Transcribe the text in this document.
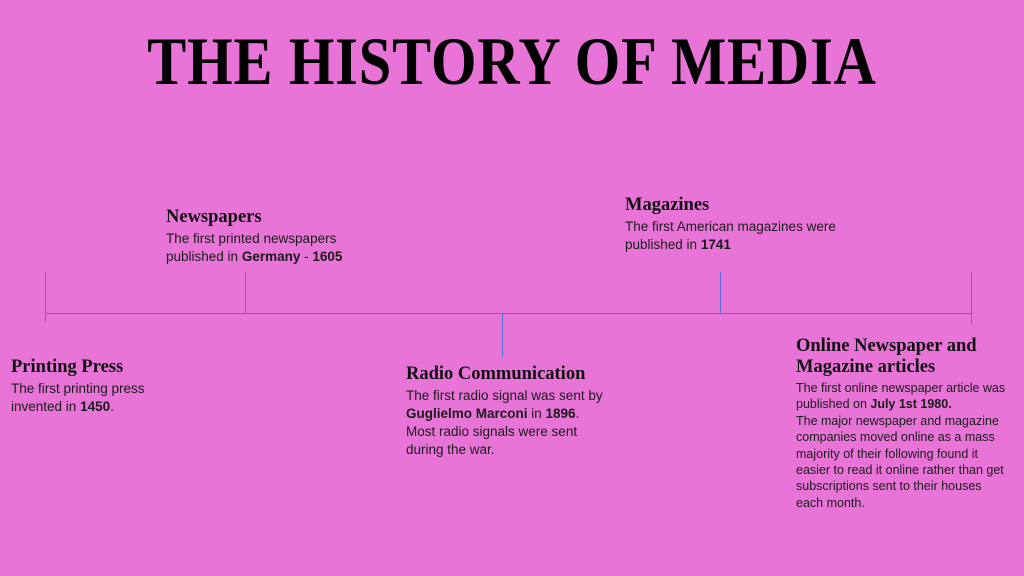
THE HISTORY OF MEDIA
Printing Press

The first printing press invented in 1450.

Newspapers

The first printed newspapers published in Germany - 1605

Radio Communication

The first radio signal was sent by Guglielmo Marconi in 1896.

Most radio signals were sent during the war.

Magazines

The first American magazines were published in 1741

Online Newspaper and Magazine articles

The first online newspaper article was published on July 1st 1980.

The major newspaper and magazine companies moved online as a mass majority of their following found it easier to read it online rather than get subscriptions sent to their houses each month.
